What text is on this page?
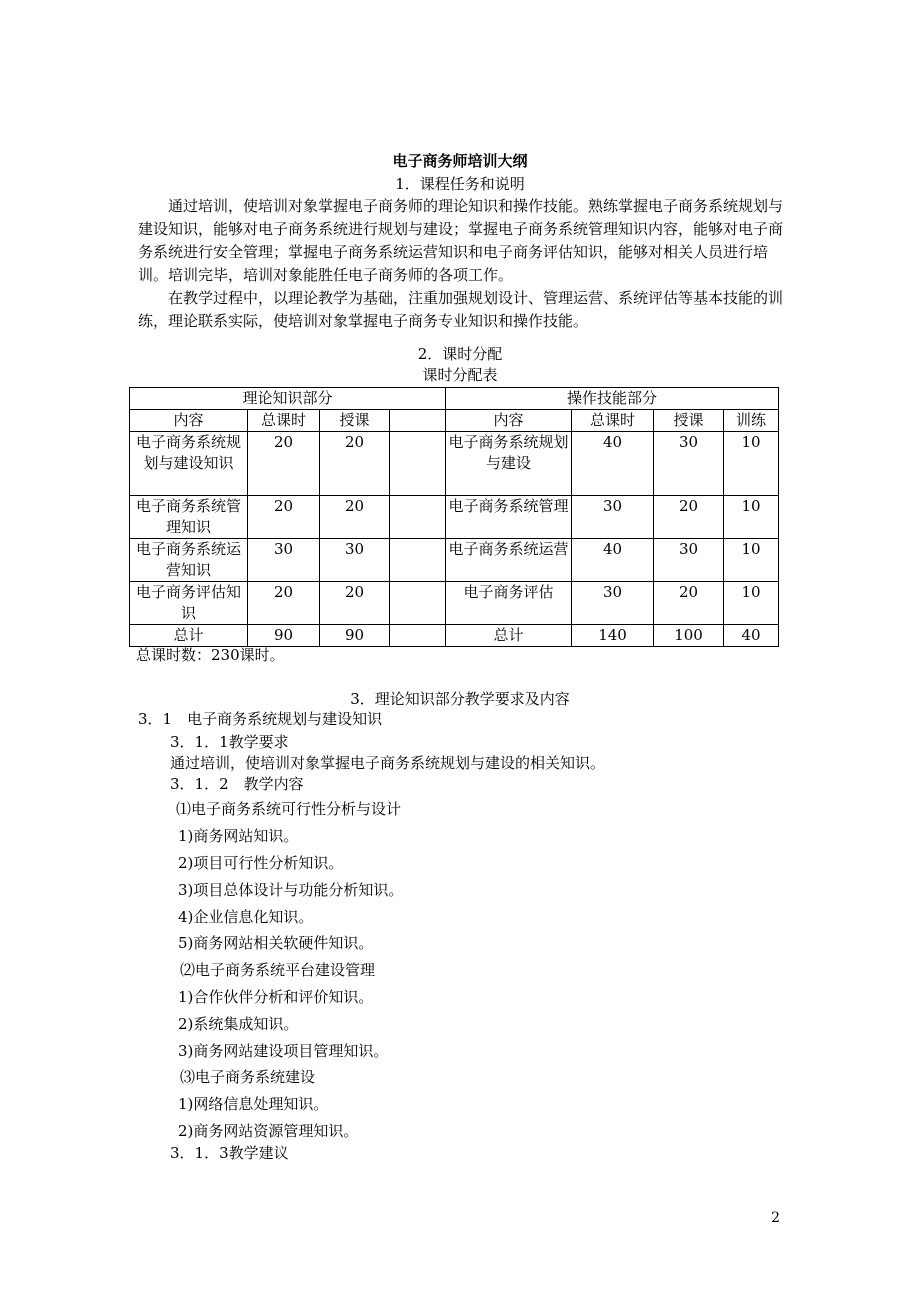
电子商务师培训大纲
1．课程任务和说明

通过培训，使培训对象掌握电子商务师的理论知识和操作技能。熟练掌握电子商务系统规划与建设知识，能够对电子商务系统进行规划与建设；掌握电子商务系统管理知识内容，能够对电子商务系统进行安全管理；掌握电子商务系统运营知识和电子商务评估知识，能够对相关人员进行培训。培训完毕，培训对象能胜任电子商务师的各项工作。

在教学过程中，以理论教学为基础，注重加强规划设计、管理运营、系统评估等基本技能的训练，理论联系实际，使培训对象掌握电子商务专业知识和操作技能。

2．课时分配
课时分配表
理论知识部分				操作技能部分			
内容	总课时	授课		内容	总课时	授课	训练
电子商务系统规划与建设知识	20	20		电子商务系统规划与建设	40	30	10
电子商务系统管理知识	20	20		电子商务系统管理	30	20	10
电子商务系统运营知识	30	30		电子商务系统运营	40	30	10
电子商务评估知识	20	20		电子商务评估	30	20	10
总计	90	90		总计	140	100	40
总课时数：230课时。
3．理论知识部分教学要求及内容
3．1　电子商务系统规划与建设知识
3．1．1教学要求
通过培训，使培训对象掌握电子商务系统规划与建设的相关知识。
3．1．2　教学内容
⑴电子商务系统可行性分析与设计
1)商务网站知识。
2)项目可行性分析知识。
3)项目总体设计与功能分析知识。
4)企业信息化知识。
5)商务网站相关软硬件知识。
⑵电子商务系统平台建设管理
1)合作伙伴分析和评价知识。
2)系统集成知识。
3)商务网站建设项目管理知识。
⑶电子商务系统建设
1)网络信息处理知识。
2)商务网站资源管理知识。
3．1．3教学建议
2
